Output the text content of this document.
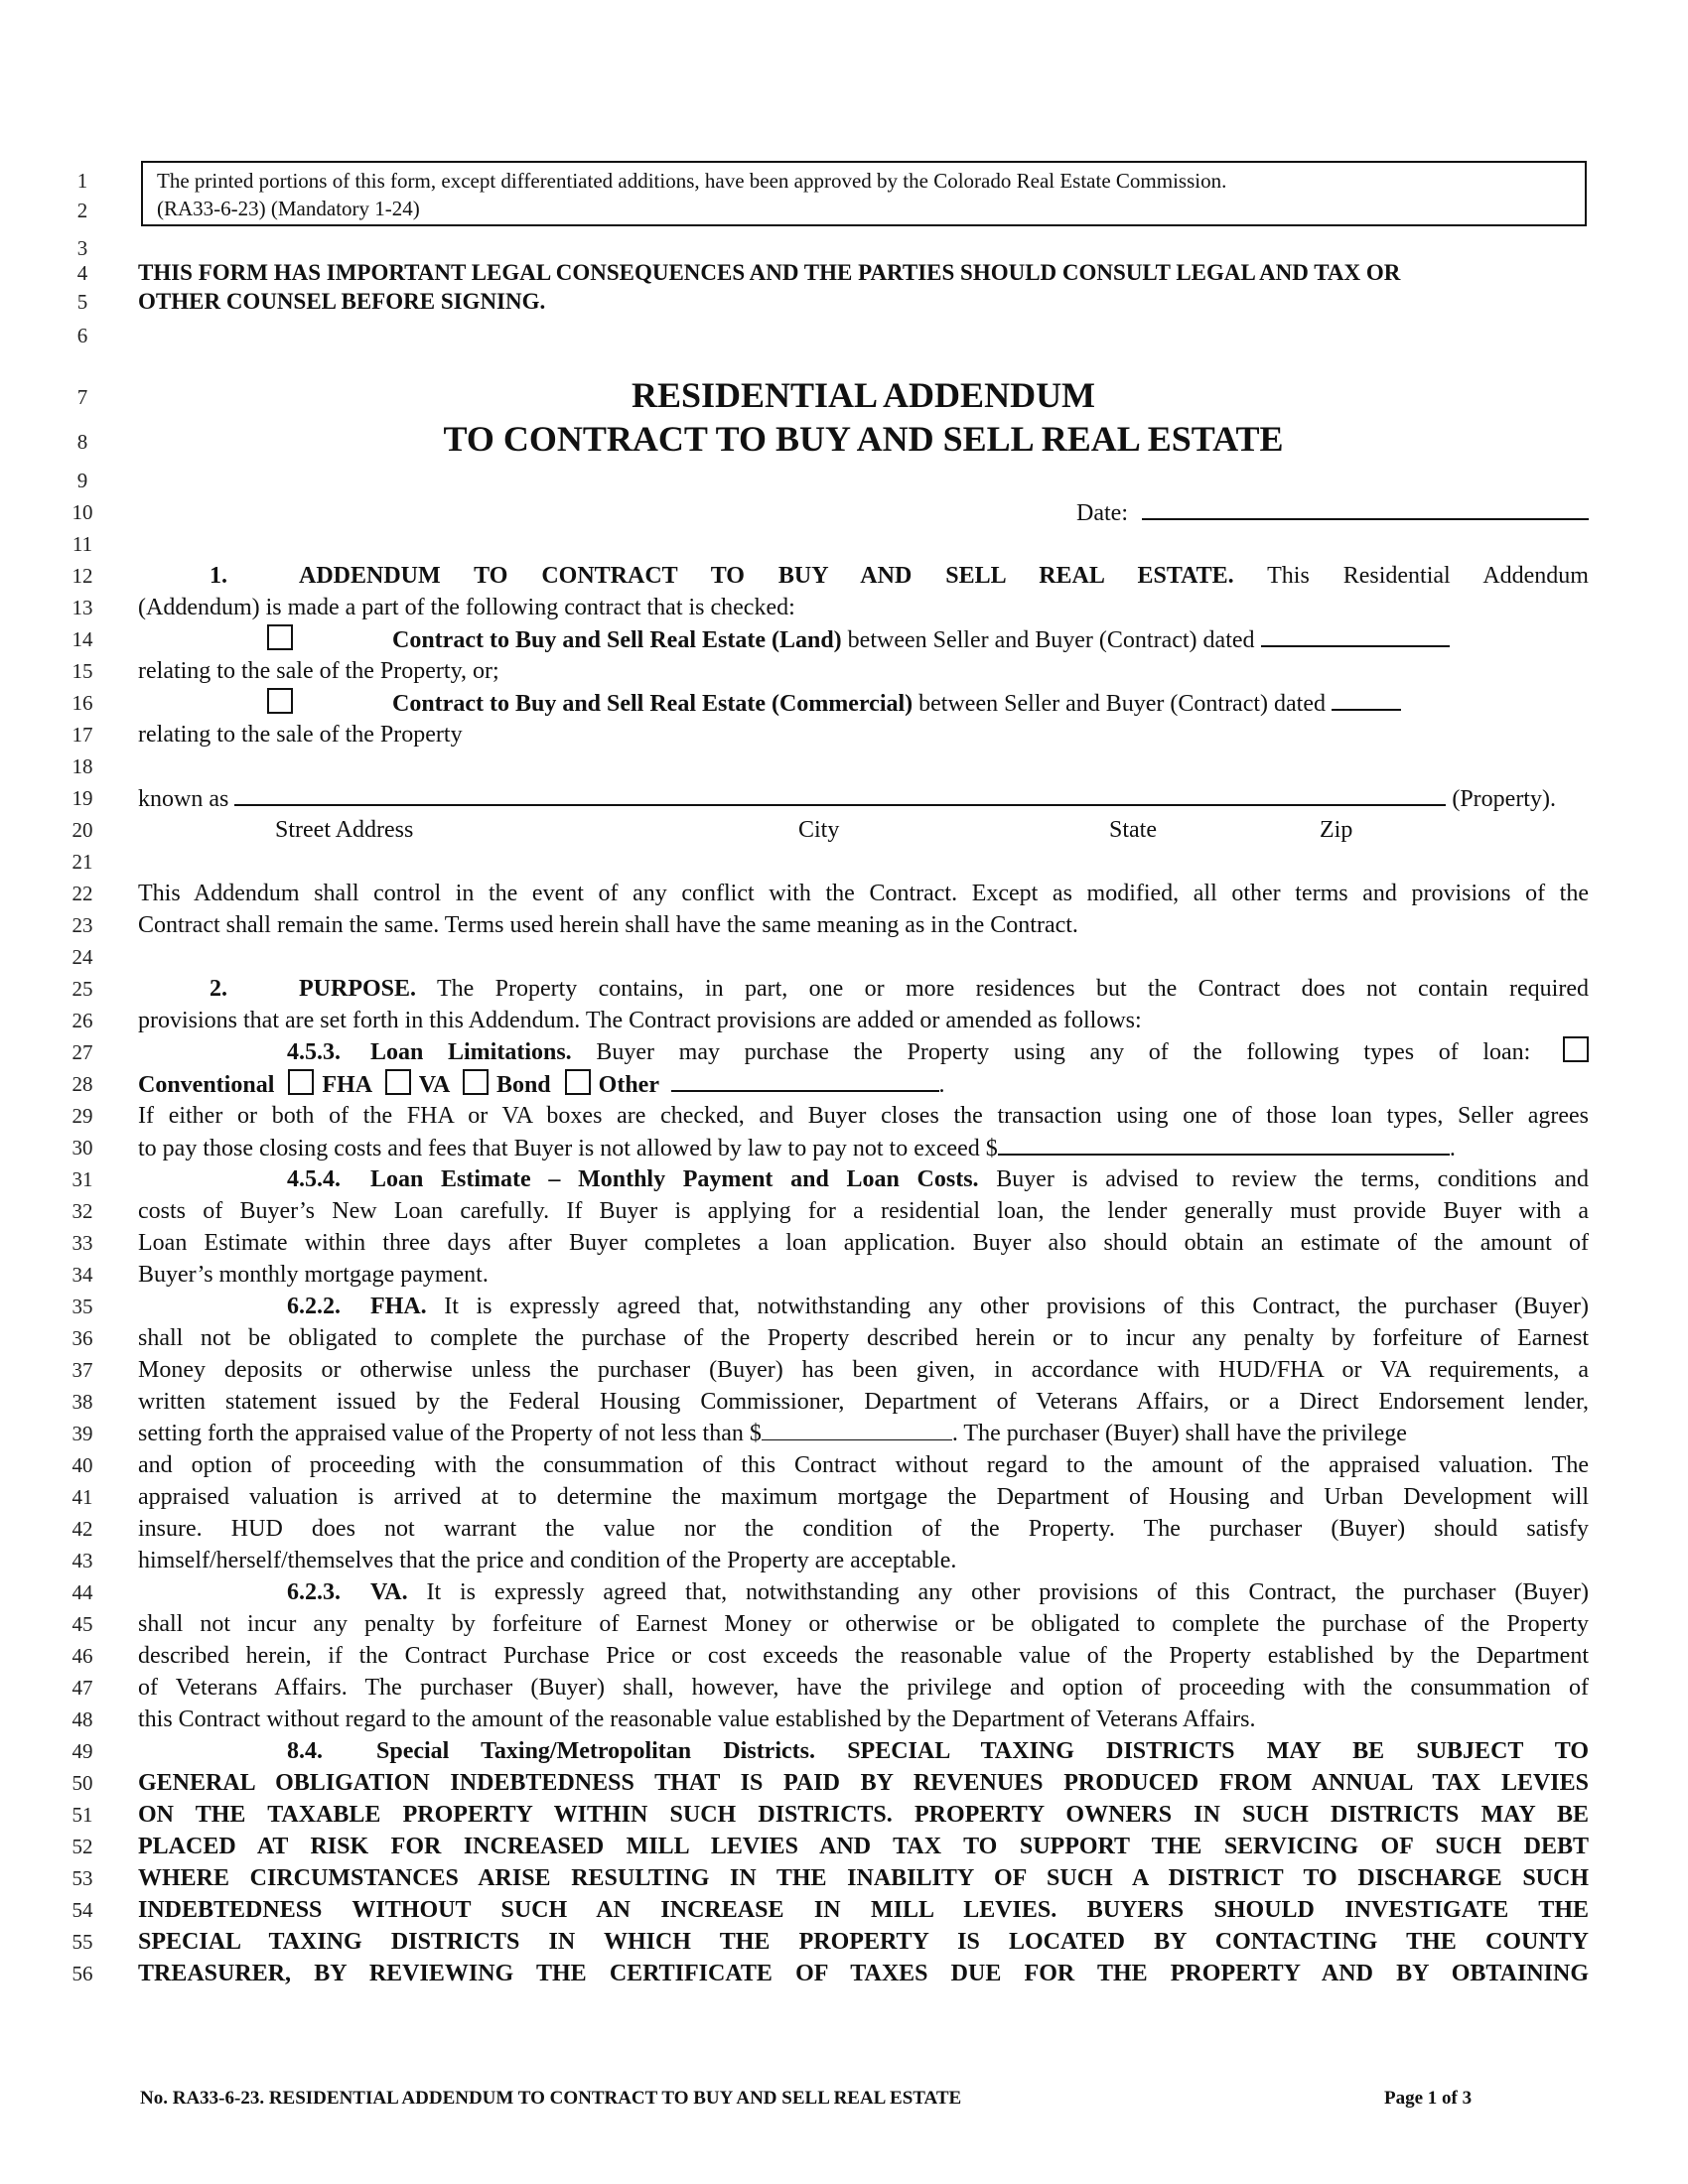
1
2
3
4
5
6
7
8
9
10
11
12
13
14
15
16
17
18
19
20
21
22
23
24
25
26
27
28
29
30
31
32
33
34
35
36
37
38
39
40
41
42
43
44
45
46
47
48
49
50
51
52
53
54
55
56
The printed portions of this form, except differentiated additions, have been approved by the Colorado Real Estate Commission.
(RA33-6-23) (Mandatory 1-24)
THIS FORM HAS IMPORTANT LEGAL CONSEQUENCES AND THE PARTIES SHOULD CONSULT LEGAL AND TAX OR
OTHER COUNSEL BEFORE SIGNING.
RESIDENTIAL ADDENDUM
TO CONTRACT TO BUY AND SELL REAL ESTATE
Date:
1.	ADDENDUM TO CONTRACT TO BUY AND SELL REAL ESTATE. This Residential Addendum
(Addendum) is made a part of the following contract that is checked:
Contract to Buy and Sell Real Estate (Land) between Seller and Buyer (Contract) dated
relating to the sale of the Property, or;
Contract to Buy and Sell Real Estate (Commercial) between Seller and Buyer (Contract) dated
relating to the sale of the Property
known as	(Property).
Street Address	City	State	Zip
This Addendum shall control in the event of any conflict with the Contract. Except as modified, all other terms and provisions of the
Contract shall remain the same. Terms used herein shall have the same meaning as in the Contract.
2.	PURPOSE. The Property contains, in part, one or more residences but the Contract does not contain required
provisions that are set forth in this Addendum. The Contract provisions are added or amended as follows:
4.5.3. Loan Limitations. Buyer may purchase the Property using any of the following types of loan:
Conventional FHA VA Bond Other	.
If either or both of the FHA or VA boxes are checked, and Buyer closes the transaction using one of those loan types, Seller agrees
to pay those closing costs and fees that Buyer is not allowed by law to pay not to exceed $	.
4.5.4. Loan Estimate – Monthly Payment and Loan Costs. Buyer is advised to review the terms, conditions and
costs of Buyer’s New Loan carefully. If Buyer is applying for a residential loan, the lender generally must provide Buyer with a
Loan Estimate within three days after Buyer completes a loan application. Buyer also should obtain an estimate of the amount of
Buyer’s monthly mortgage payment.
6.2.2. FHA. It is expressly agreed that, notwithstanding any other provisions of this Contract, the purchaser (Buyer)
shall not be obligated to complete the purchase of the Property described herein or to incur any penalty by forfeiture of Earnest
Money deposits or otherwise unless the purchaser (Buyer) has been given, in accordance with HUD/FHA or VA requirements, a
written statement issued by the Federal Housing Commissioner, Department of Veterans Affairs, or a Direct Endorsement lender,
setting forth the appraised value of the Property of not less than $	. The purchaser (Buyer) shall have the privilege
and option of proceeding with the consummation of this Contract without regard to the amount of the appraised valuation. The
appraised valuation is arrived at to determine the maximum mortgage the Department of Housing and Urban Development will
insure. HUD does not warrant the value nor the condition of the Property. The purchaser (Buyer) should satisfy
himself/herself/themselves that the price and condition of the Property are acceptable.
6.2.3. VA. It is expressly agreed that, notwithstanding any other provisions of this Contract, the purchaser (Buyer)
shall not incur any penalty by forfeiture of Earnest Money or otherwise or be obligated to complete the purchase of the Property
described herein, if the Contract Purchase Price or cost exceeds the reasonable value of the Property established by the Department
of Veterans Affairs. The purchaser (Buyer) shall, however, have the privilege and option of proceeding with the consummation of
this Contract without regard to the amount of the reasonable value established by the Department of Veterans Affairs.
8.4. Special Taxing/Metropolitan Districts. SPECIAL TAXING DISTRICTS MAY BE SUBJECT TO
GENERAL OBLIGATION INDEBTEDNESS THAT IS PAID BY REVENUES PRODUCED FROM ANNUAL TAX LEVIES
ON THE TAXABLE PROPERTY WITHIN SUCH DISTRICTS. PROPERTY OWNERS IN SUCH DISTRICTS MAY BE
PLACED AT RISK FOR INCREASED MILL LEVIES AND TAX TO SUPPORT THE SERVICING OF SUCH DEBT
WHERE CIRCUMSTANCES ARISE RESULTING IN THE INABILITY OF SUCH A DISTRICT TO DISCHARGE SUCH
INDEBTEDNESS WITHOUT SUCH AN INCREASE IN MILL LEVIES. BUYERS SHOULD INVESTIGATE THE
SPECIAL TAXING DISTRICTS IN WHICH THE PROPERTY IS LOCATED BY CONTACTING THE COUNTY
TREASURER, BY REVIEWING THE CERTIFICATE OF TAXES DUE FOR THE PROPERTY AND BY OBTAINING
No. RA33-6-23. RESIDENTIAL ADDENDUM TO CONTRACT TO BUY AND SELL REAL ESTATE	Page 1 of 3
